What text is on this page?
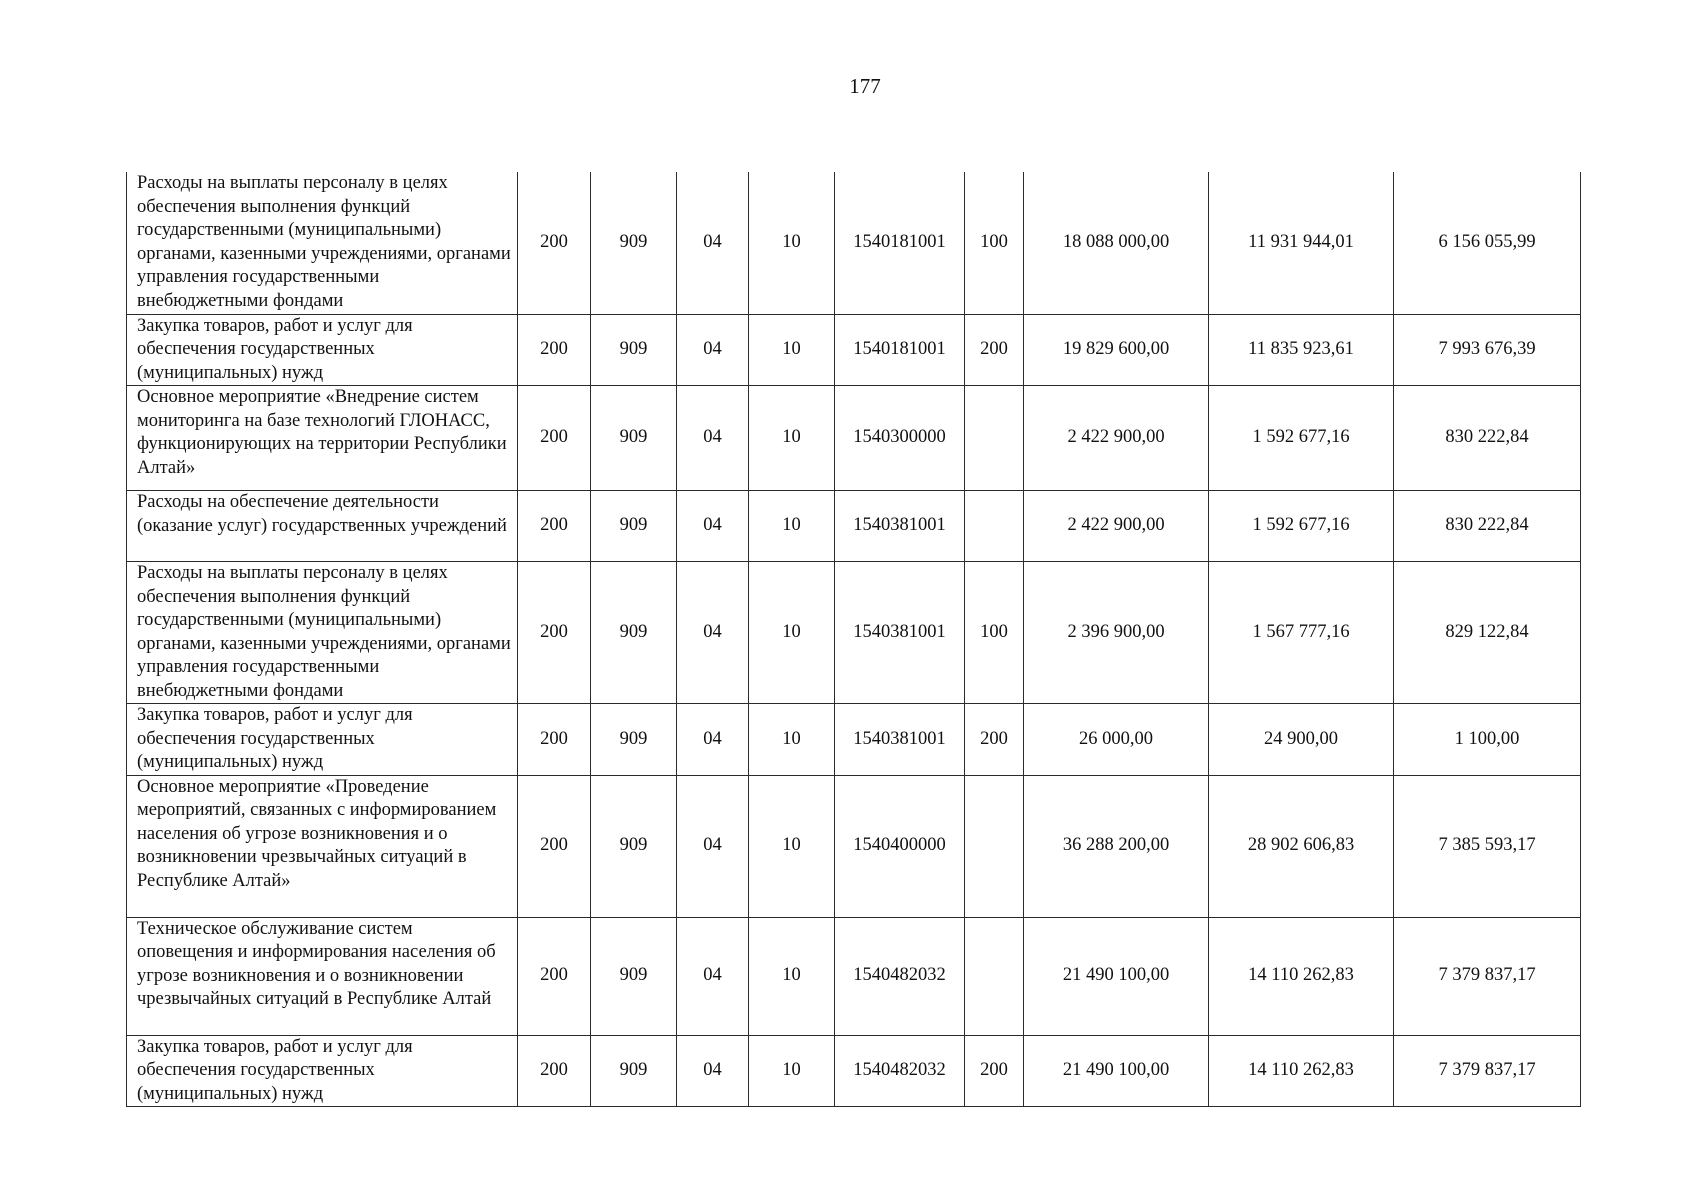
177
Расходы на выплаты персоналу в целях обеспечения выполнения функций государственными (муниципальными) органами, казенными учреждениями, органами управления государственными внебюджетными фондами	200	909	04	10	1540181001	100	18 088 000,00	11 931 944,01	6 156 055,99

Закупка товаров, работ и услуг для обеспечения государственных (муниципальных) нужд	200	909	04	10	1540181001	200	19 829 600,00	11 835 923,61	7 993 676,39

Основное мероприятие «Внедрение систем мониторинга на базе технологий ГЛОНАСС, функционирующих на территории Республики Алтай»	200	909	04	10	1540300000		2 422 900,00	1 592 677,16	830 222,84

Расходы на обеспечение деятельности (оказание услуг) государственных учреждений	200	909	04	10	1540381001		2 422 900,00	1 592 677,16	830 222,84

Расходы на выплаты персоналу в целях обеспечения выполнения функций государственными (муниципальными) органами, казенными учреждениями, органами управления государственными внебюджетными фондами	200	909	04	10	1540381001	100	2 396 900,00	1 567 777,16	829 122,84

Закупка товаров, работ и услуг для обеспечения государственных (муниципальных) нужд	200	909	04	10	1540381001	200	26 000,00	24 900,00	1 100,00

Основное мероприятие «Проведение мероприятий, связанных с информированием населения об угрозе возникновения и о возникновении чрезвычайных ситуаций в Республике Алтай»	200	909	04	10	1540400000		36 288 200,00	28 902 606,83	7 385 593,17

Техническое обслуживание систем оповещения и информирования населения об угрозе возникновения и о возникновении чрезвычайных ситуаций в Республике Алтай	200	909	04	10	1540482032		21 490 100,00	14 110 262,83	7 379 837,17

Закупка товаров, работ и услуг для обеспечения государственных (муниципальных) нужд	200	909	04	10	1540482032	200	21 490 100,00	14 110 262,83	7 379 837,17
